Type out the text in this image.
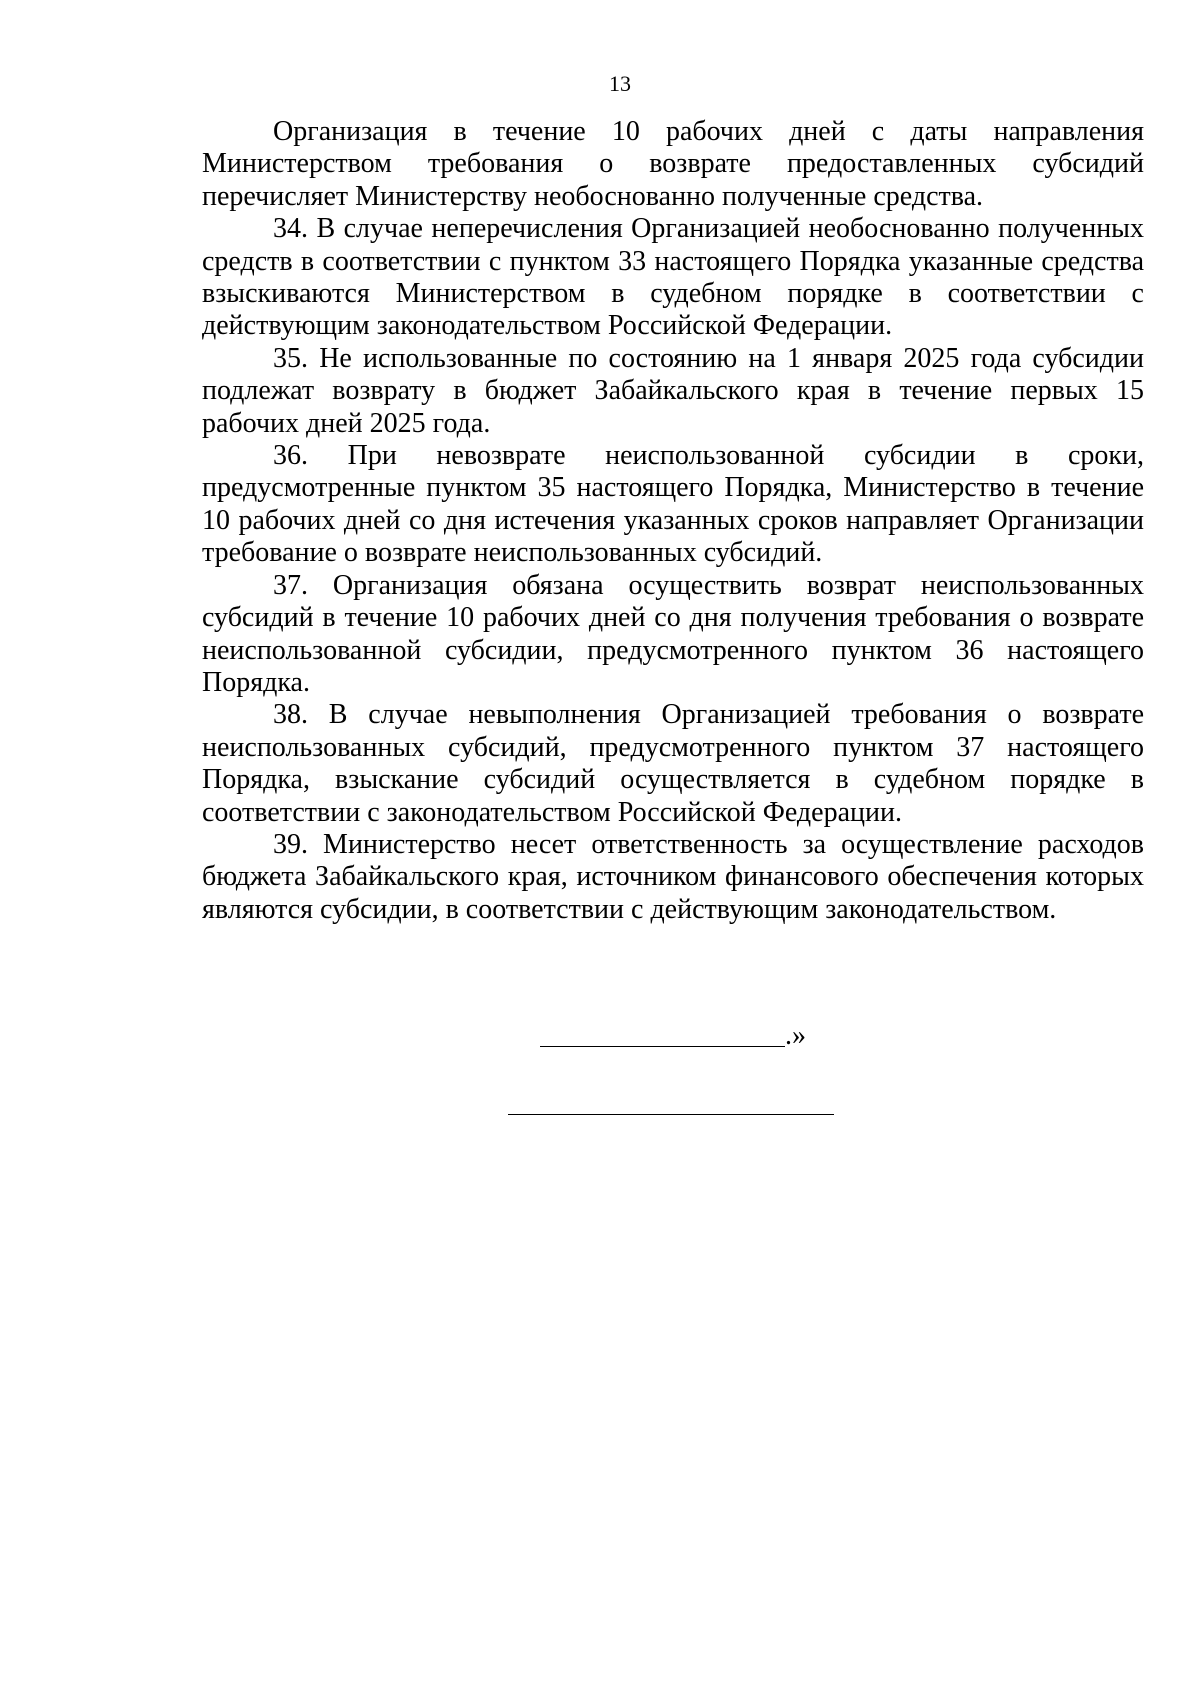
13

Организация в течение 10 рабочих дней с даты направления Министерством требования о возврате предоставленных субсидий перечисляет Министерству необоснованно полученные средства.

34. В случае неперечисления Организацией необоснованно полученных средств в соответствии с пунктом 33 настоящего Порядка указанные средства взыскиваются Министерством в судебном порядке в соответствии с действующим законодательством Российской Федерации.

35. Не использованные по состоянию на 1 января 2025 года субсидии подлежат возврату в бюджет Забайкальского края в течение первых 15 рабочих дней 2025 года.

36. При невозврате неиспользованной субсидии в сроки, предусмотренные пунктом 35 настоящего Порядка, Министерство в течение 10 рабочих дней со дня истечения указанных сроков направляет Организации требование о возврате неиспользованных субсидий.

37. Организация обязана осуществить возврат неиспользованных субсидий в течение 10 рабочих дней со дня получения требования о возврате неиспользованной субсидии, предусмотренного пунктом 36 настоящего Порядка.

38. В случае невыполнения Организацией требования о возврате неиспользованных субсидий, предусмотренного пунктом 37 настоящего Порядка, взыскание субсидий осуществляется в судебном порядке в соответствии с законодательством Российской Федерации.

39. Министерство несет ответственность за осуществление расходов бюджета Забайкальского края, источником финансового обеспечения которых являются субсидии, в соответствии с действующим законодательством.

.»
